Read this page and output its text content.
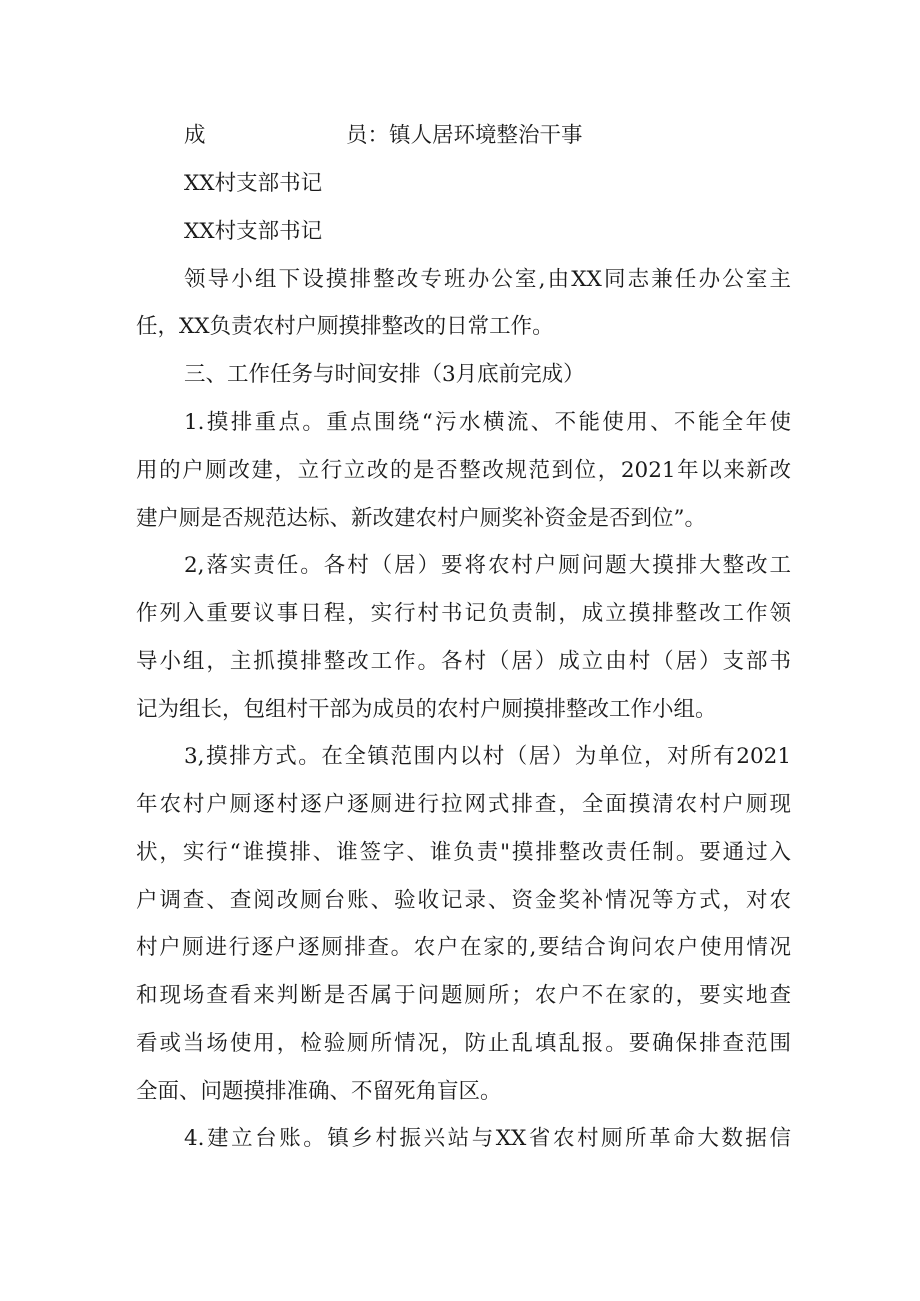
成	员：镇人居环境整治干事
XX村支部书记
XX村支部书记
领导小组下设摸排整改专班办公室,由XX同志兼任办公室主
任，XX负责农村户厕摸排整改的日常工作。
三、工作任务与时间安排（3月底前完成）
1.摸排重点。重点围绕“污水横流、不能使用、不能全年使
用的户厕改建，立行立改的是否整改规范到位，2021年以来新改
建户厕是否规范达标、新改建农村户厕奖补资金是否到位”。
2,落实责任。各村（居）要将农村户厕问题大摸排大整改工
作列入重要议事日程，实行村书记负责制，成立摸排整改工作领
导小组，主抓摸排整改工作。各村（居）成立由村（居）支部书
记为组长，包组村干部为成员的农村户厕摸排整改工作小组。
3,摸排方式。在全镇范围内以村（居）为单位，对所有2021
年农村户厕逐村逐户逐厕进行拉网式排查，全面摸清农村户厕现
状，实行“谁摸排、谁签字、谁负责"摸排整改责任制。要通过入
户调查、查阅改厕台账、验收记录、资金奖补情况等方式，对农
村户厕进行逐户逐厕排查。农户在家的,要结合询问农户使用情况
和现场查看来判断是否属于问题厕所；农户不在家的，要实地查
看或当场使用，检验厕所情况，防止乱填乱报。要确保排查范围
全面、问题摸排准确、不留死角盲区。
4.建立台账。镇乡村振兴站与XX省农村厕所革命大数据信
